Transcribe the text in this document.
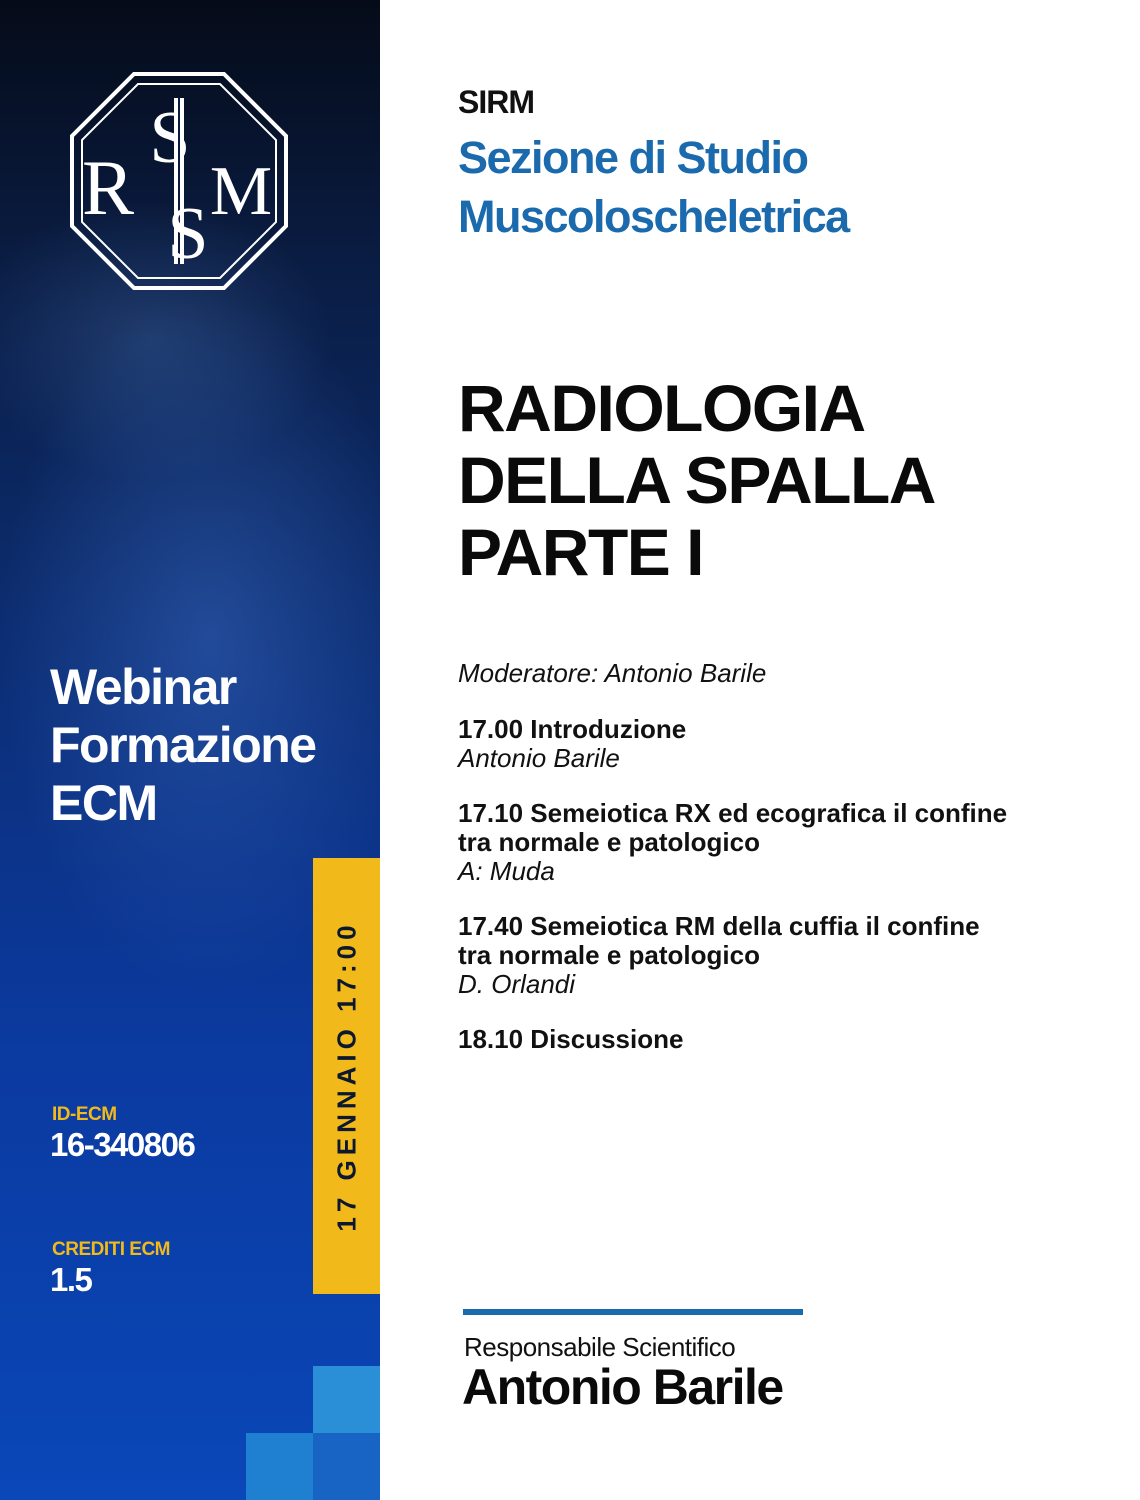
R
S
M
S
Webinar
Formazione
ECM
ID-ECM
16-340806
CREDITI ECM
1.5
17 GENNAIO 17:00
SIRM
Sezione di Studio
Muscoloscheletrica
RADIOLOGIA
DELLA SPALLA
PARTE I
Moderatore: Antonio Barile
17.00 Introduzione
Antonio Barile
17.10 Semeiotica RX ed ecografica il confine
tra normale e patologico
A: Muda
17.40 Semeiotica RM della cuffia il confine
tra normale e patologico
D. Orlandi
18.10 Discussione
Responsabile Scientifico
Antonio Barile
